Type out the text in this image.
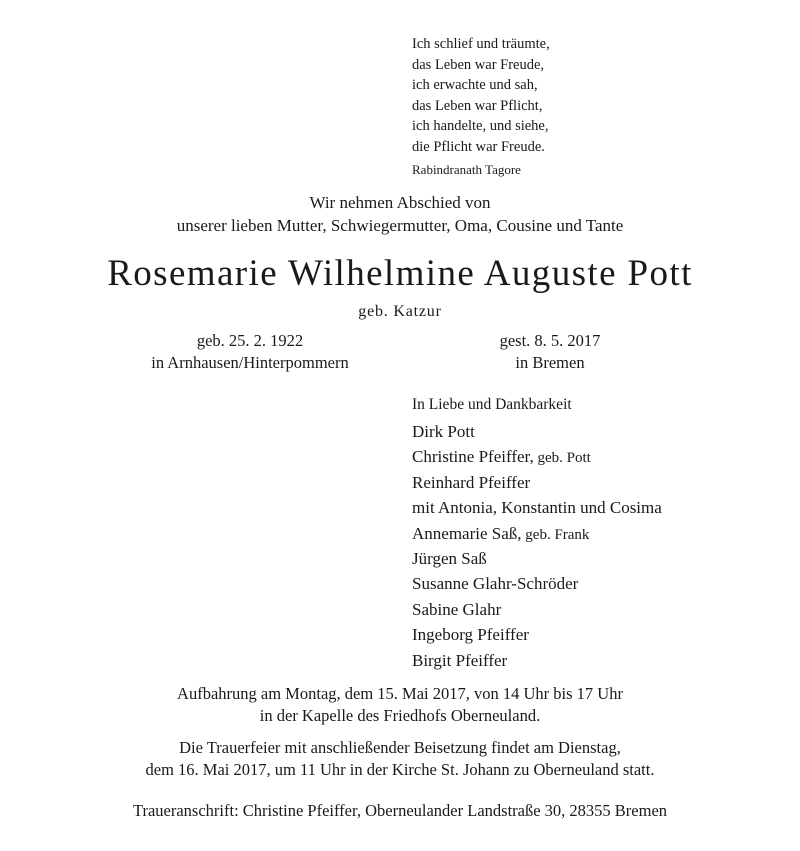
Ich schlief und träumte,
das Leben war Freude,
ich erwachte und sah,
das Leben war Pflicht,
ich handelte, und siehe,
die Pflicht war Freude.
Rabindranath Tagore
Wir nehmen Abschied von
unserer lieben Mutter, Schwiegermutter, Oma, Cousine und Tante
Rosemarie Wilhelmine Auguste Pott
geb. Katzur
geb. 25. 2. 1922
in Arnhausen/Hinterpommern
gest. 8. 5. 2017
in Bremen
In Liebe und Dankbarkeit
Dirk Pott
Christine Pfeiffer, geb. Pott
Reinhard Pfeiffer
mit Antonia, Konstantin und Cosima
Annemarie Saß, geb. Frank
Jürgen Saß
Susanne Glahr-Schröder
Sabine Glahr
Ingeborg Pfeiffer
Birgit Pfeiffer
Aufbahrung am Montag, dem 15. Mai 2017, von 14 Uhr bis 17 Uhr
in der Kapelle des Friedhofs Oberneuland.
Die Trauerfeier mit anschließender Beisetzung findet am Dienstag,
dem 16. Mai 2017, um 11 Uhr in der Kirche St. Johann zu Oberneuland statt.
Traueranschrift: Christine Pfeiffer, Oberneulander Landstraße 30, 28355 Bremen
